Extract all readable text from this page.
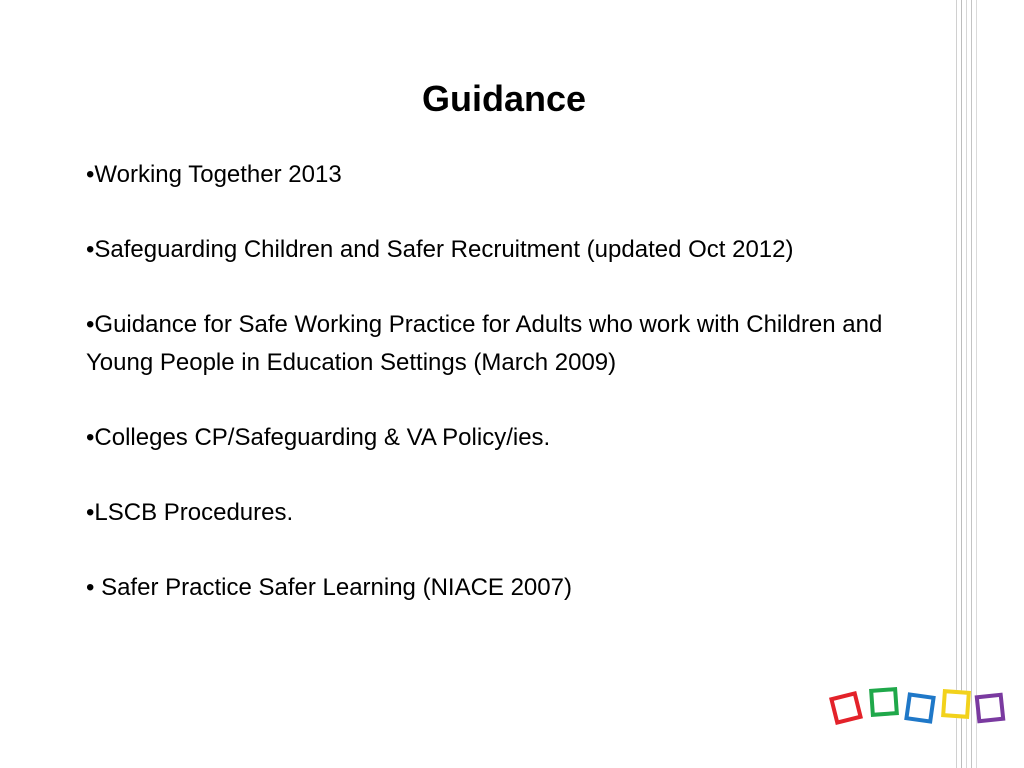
Guidance

•Working Together 2013

•Safeguarding Children and Safer Recruitment (updated Oct 2012)

•Guidance for Safe Working Practice for Adults who work with Children and Young People in Education Settings (March 2009)

•Colleges CP/Safeguarding & VA Policy/ies.

•LSCB Procedures.

• Safer Practice Safer Learning (NIACE 2007)
